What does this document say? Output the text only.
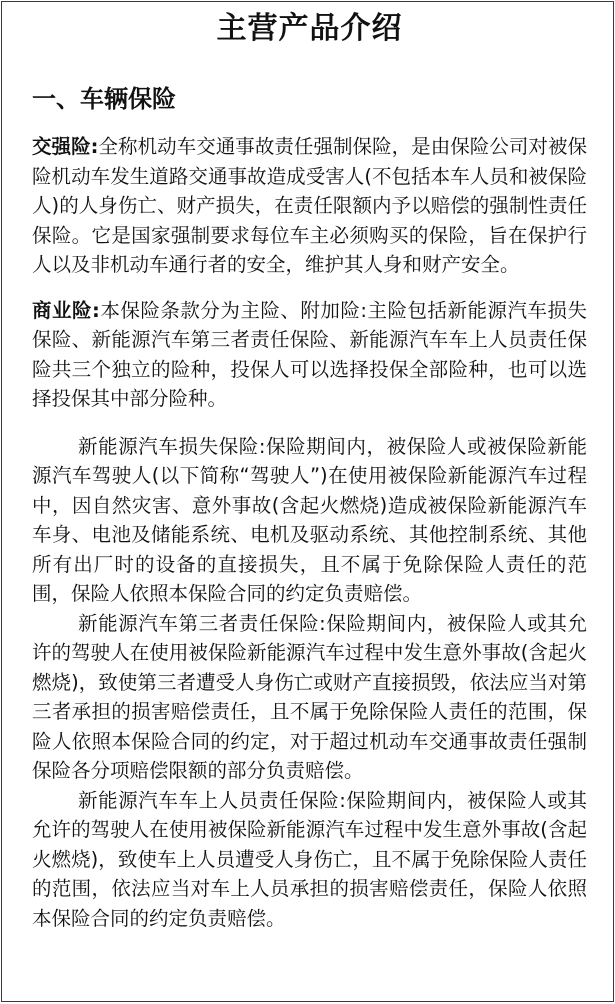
主营产品介绍
一、车辆保险

交强险:全称机动车交通事故责任强制保险，是由保险公司对被保险机动车发生道路交通事故造成受害人(不包括本车人员和被保险人)的人身伤亡、财产损失，在责任限额内予以赔偿的强制性责任保险。它是国家强制要求每位车主必须购买的保险，旨在保护行人以及非机动车通行者的安全，维护其人身和财产安全。

商业险:本保险条款分为主险、附加险:主险包括新能源汽车损失保险、新能源汽车第三者责任保险、新能源汽车车上人员责任保险共三个独立的险种，投保人可以选择投保全部险种，也可以选择投保其中部分险种。

新能源汽车损失保险:保险期间内，被保险人或被保险新能源汽车驾驶人(以下简称“驾驶人”)在使用被保险新能源汽车过程中，因自然灾害、意外事故(含起火燃烧)造成被保险新能源汽车车身、电池及储能系统、电机及驱动系统、其他控制系统、其他所有出厂时的设备的直接损失，且不属于免除保险人责任的范围，保险人依照本保险合同的约定负责赔偿。

新能源汽车第三者责任保险:保险期间内，被保险人或其允许的驾驶人在使用被保险新能源汽车过程中发生意外事故(含起火燃烧)，致使第三者遭受人身伤亡或财产直接损毁，依法应当对第三者承担的损害赔偿责任，且不属于免除保险人责任的范围，保险人依照本保险合同的约定，对于超过机动车交通事故责任强制保险各分项赔偿限额的部分负责赔偿。

新能源汽车车上人员责任保险:保险期间内，被保险人或其允许的驾驶人在使用被保险新能源汽车过程中发生意外事故(含起火燃烧)，致使车上人员遭受人身伤亡，且不属于免除保险人责任的范围，依法应当对车上人员承担的损害赔偿责任，保险人依照本保险合同的约定负责赔偿。
